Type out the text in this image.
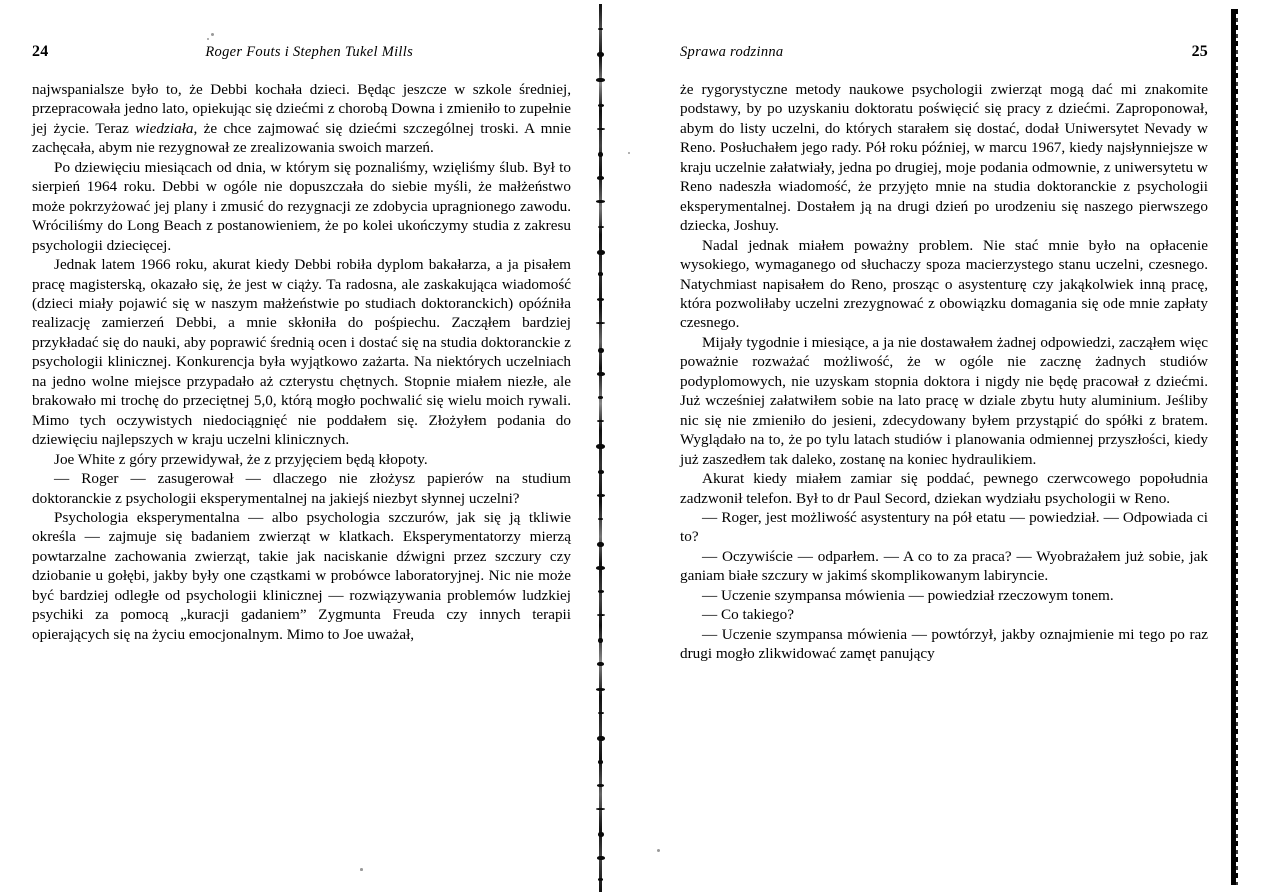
24	Roger Fouts i Stephen Tukel Mills

najwspanialsze było to, że Debbi kochała dzieci. Będąc jeszcze w szkole średniej, przepracowała jedno lato, opiekując się dziećmi z chorobą Downa i zmieniło to zupełnie jej życie. Teraz wiedziała, że chce zajmować się dziećmi szczególnej troski. A mnie zachęcała, abym nie rezygnował ze zrealizowania swoich marzeń.

Po dziewięciu miesiącach od dnia, w którym się poznaliśmy, wzięliśmy ślub. Był to sierpień 1964 roku. Debbi w ogóle nie dopuszczała do siebie myśli, że małżeństwo może pokrzyżować jej plany i zmusić do rezygnacji ze zdobycia upragnionego zawodu. Wróciliśmy do Long Beach z postanowieniem, że po kolei ukończymy studia z zakresu psychologii dziecięcej.

Jednak latem 1966 roku, akurat kiedy Debbi robiła dyplom bakałarza, a ja pisałem pracę magisterską, okazało się, że jest w ciąży. Ta radosna, ale zaskakująca wiadomość (dzieci miały pojawić się w naszym małżeństwie po studiach doktoranckich) opóźniła realizację zamierzeń Debbi, a mnie skłoniła do pośpiechu. Zacząłem bardziej przykładać się do nauki, aby poprawić średnią ocen i dostać się na studia doktoranckie z psychologii klinicznej. Konkurencja była wyjątkowo zażarta. Na niektórych uczelniach na jedno wolne miejsce przypadało aż czterystu chętnych. Stopnie miałem niezłe, ale brakowało mi trochę do przeciętnej 5,0, którą mogło pochwalić się wielu moich rywali. Mimo tych oczywistych niedociągnięć nie poddałem się. Złożyłem podania do dziewięciu najlepszych w kraju uczelni klinicznych.

Joe White z góry przewidywał, że z przyjęciem będą kłopoty.

— Roger — zasugerował — dlaczego nie złożysz papierów na studium doktoranckie z psychologii eksperymentalnej na jakiejś niezbyt słynnej uczelni?

Psychologia eksperymentalna — albo psychologia szczurów, jak się ją tkliwie określa — zajmuje się badaniem zwierząt w klatkach. Eksperymentatorzy mierzą powtarzalne zachowania zwierząt, takie jak naciskanie dźwigni przez szczury czy dziobanie u gołębi, jakby były one cząstkami w probówce laboratoryjnej. Nic nie może być bardziej odległe od psychologii klinicznej — rozwiązywania problemów ludzkiej psychiki za pomocą „kuracji gadaniem” Zygmunta Freuda czy innych terapii opierających się na życiu emocjonalnym. Mimo to Joe uważał,

Sprawa rodzinna	25

że rygorystyczne metody naukowe psychologii zwierząt mogą dać mi znakomite podstawy, by po uzyskaniu doktoratu poświęcić się pracy z dziećmi. Zaproponował, abym do listy uczelni, do których starałem się dostać, dodał Uniwersytet Nevady w Reno. Posłuchałem jego rady. Pół roku później, w marcu 1967, kiedy najsłynniejsze w kraju uczelnie załatwiały, jedna po drugiej, moje podania odmownie, z uniwersytetu w Reno nadeszła wiadomość, że przyjęto mnie na studia doktoranckie z psychologii eksperymentalnej. Dostałem ją na drugi dzień po urodzeniu się naszego pierwszego dziecka, Joshuy.

Nadal jednak miałem poważny problem. Nie stać mnie było na opłacenie wysokiego, wymaganego od słuchaczy spoza macierzystego stanu uczelni, czesnego. Natychmiast napisałem do Reno, prosząc o asystenturę czy jakąkolwiek inną pracę, która pozwoliłaby uczelni zrezygnować z obowiązku domagania się ode mnie zapłaty czesnego.

Mijały tygodnie i miesiące, a ja nie dostawałem żadnej odpowiedzi, zacząłem więc poważnie rozważać możliwość, że w ogóle nie zacznę żadnych studiów podyplomowych, nie uzyskam stopnia doktora i nigdy nie będę pracował z dziećmi. Już wcześniej załatwiłem sobie na lato pracę w dziale zbytu huty aluminium. Jeśliby nic się nie zmieniło do jesieni, zdecydowany byłem przystąpić do spółki z bratem. Wyglądało na to, że po tylu latach studiów i planowania odmiennej przyszłości, kiedy już zaszedłem tak daleko, zostanę na koniec hydraulikiem.

Akurat kiedy miałem zamiar się poddać, pewnego czerwcowego popołudnia zadzwonił telefon. Był to dr Paul Secord, dziekan wydziału psychologii w Reno.

— Roger, jest możliwość asystentury na pół etatu — powiedział. — Odpowiada ci to?

— Oczywiście — odparłem. — A co to za praca? — Wyobrażałem już sobie, jak ganiam białe szczury w jakimś skomplikowanym labiryncie.

— Uczenie szympansa mówienia — powiedział rzeczowym tonem.

— Co takiego?

— Uczenie szympansa mówienia — powtórzył, jakby oznajmienie mi tego po raz drugi mogło zlikwidować zamęt panujący
